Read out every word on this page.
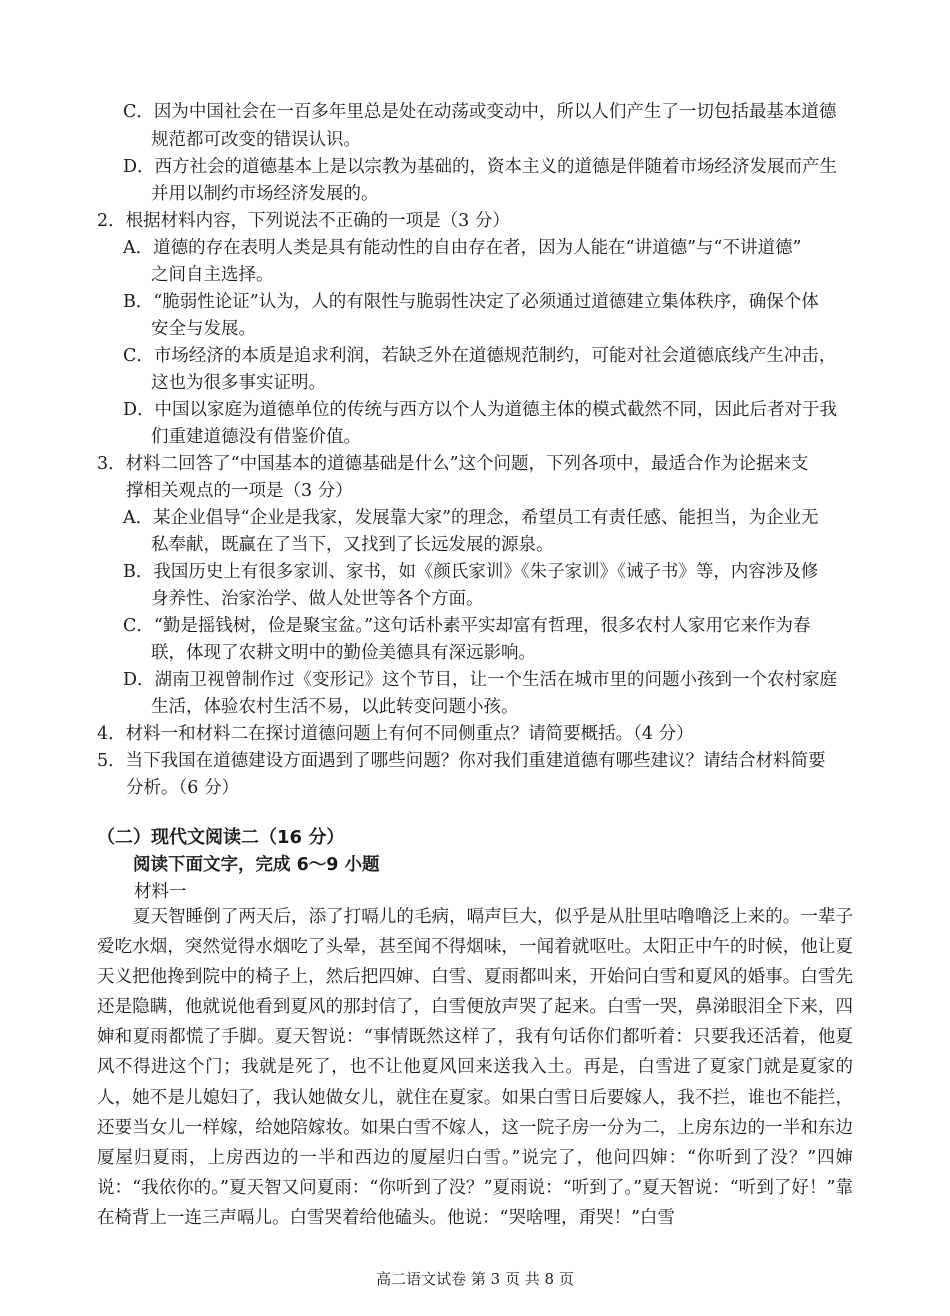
C．因为中国社会在一百多年里总是处在动荡或变动中，所以人们产生了一切包括最基本道德
规范都可改变的错误认识。
D．西方社会的道德基本上是以宗教为基础的，资本主义的道德是伴随着市场经济发展而产生
并用以制约市场经济发展的。
2．根据材料内容，下列说法不正确的一项是（3 分）
A．道德的存在表明人类是具有能动性的自由存在者，因为人能在“讲道德”与“不讲道德”
之间自主选择。
B．“脆弱性论证”认为，人的有限性与脆弱性决定了必须通过道德建立集体秩序，确保个体
安全与发展。
C．市场经济的本质是追求利润，若缺乏外在道德规范制约，可能对社会道德底线产生冲击，
这也为很多事实证明。
D．中国以家庭为道德单位的传统与西方以个人为道德主体的模式截然不同，因此后者对于我
们重建道德没有借鉴价值。
3．材料二回答了“中国基本的道德基础是什么”这个问题，下列各项中，最适合作为论据来支
撑相关观点的一项是（3 分）
A．某企业倡导“企业是我家，发展靠大家”的理念，希望员工有责任感、能担当，为企业无
私奉献，既赢在了当下，又找到了长远发展的源泉。
B．我国历史上有很多家训、家书，如《颜氏家训》《朱子家训》《诫子书》等，内容涉及修
身养性、治家治学、做人处世等各个方面。
C．“勤是摇钱树，俭是聚宝盆。”这句话朴素平实却富有哲理，很多农村人家用它来作为春
联，体现了农耕文明中的勤俭美德具有深远影响。
D．湖南卫视曾制作过《变形记》这个节目，让一个生活在城市里的问题小孩到一个农村家庭
生活，体验农村生活不易，以此转变问题小孩。
4．材料一和材料二在探讨道德问题上有何不同侧重点？请简要概括。（4 分）
5．当下我国在道德建设方面遇到了哪些问题？你对我们重建道德有哪些建议？请结合材料简要
分析。（6 分）
（二）现代文阅读二（16 分）
阅读下面文字，完成 6～9 小题
材料一
夏天智睡倒了两天后，添了打嗝儿的毛病，嗝声巨大，似乎是从肚里咕噜噜泛上来的。一辈子爱吃水烟，突然觉得水烟吃了头晕，甚至闻不得烟味，一闻着就呕吐。太阳正中午的时候，他让夏天义把他搀到院中的椅子上，然后把四婶、白雪、夏雨都叫来，开始问白雪和夏风的婚事。白雪先还是隐瞒，他就说他看到夏风的那封信了，白雪便放声哭了起来。白雪一哭，鼻涕眼泪全下来，四婶和夏雨都慌了手脚。夏天智说：“事情既然这样了，我有句话你们都听着：只要我还活着，他夏风不得进这个门；我就是死了，也不让他夏风回来送我入土。再是，白雪进了夏家门就是夏家的人，她不是儿媳妇了，我认她做女儿，就住在夏家。如果白雪日后要嫁人，我不拦，谁也不能拦，还要当女儿一样嫁，给她陪嫁妆。如果白雪不嫁人，这一院子房一分为二，上房东边的一半和东边厦屋归夏雨，上房西边的一半和西边的厦屋归白雪。”说完了，他问四婶：“你听到了没？”四婶说：“我依你的。”夏天智又问夏雨：“你听到了没？”夏雨说：“听到了。”夏天智说：“听到了好！”靠在椅背上一连三声嗝儿。白雪哭着给他磕头。他说：“哭啥哩，甭哭！”白雪
高二语文试卷 第 3 页 共 8 页
